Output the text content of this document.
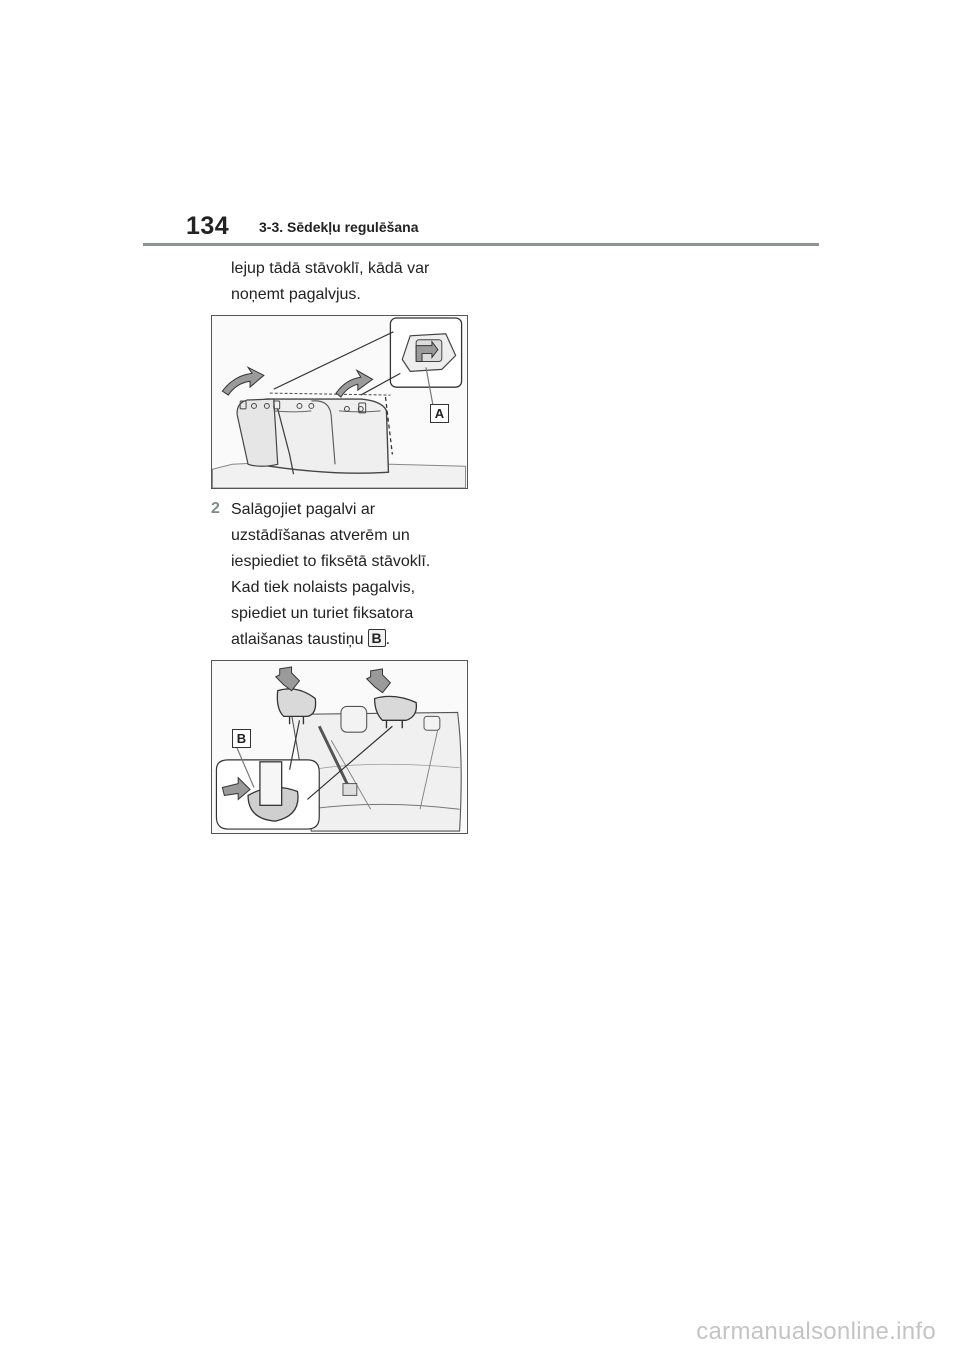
134 3-3. Sēdekļu regulēšana

lejup tādā stāvoklī, kādā var
noņemt pagalvjus.

A
2 Salāgojiet pagalvi ar
uzstādīšanas atverēm un
iespiediet to fiksētā stāvoklī.
Kad tiek nolaists pagalvis,
spiediet un turiet fiksatora
atlaišanas taustiņu B .

B
carmanualsonline.info
